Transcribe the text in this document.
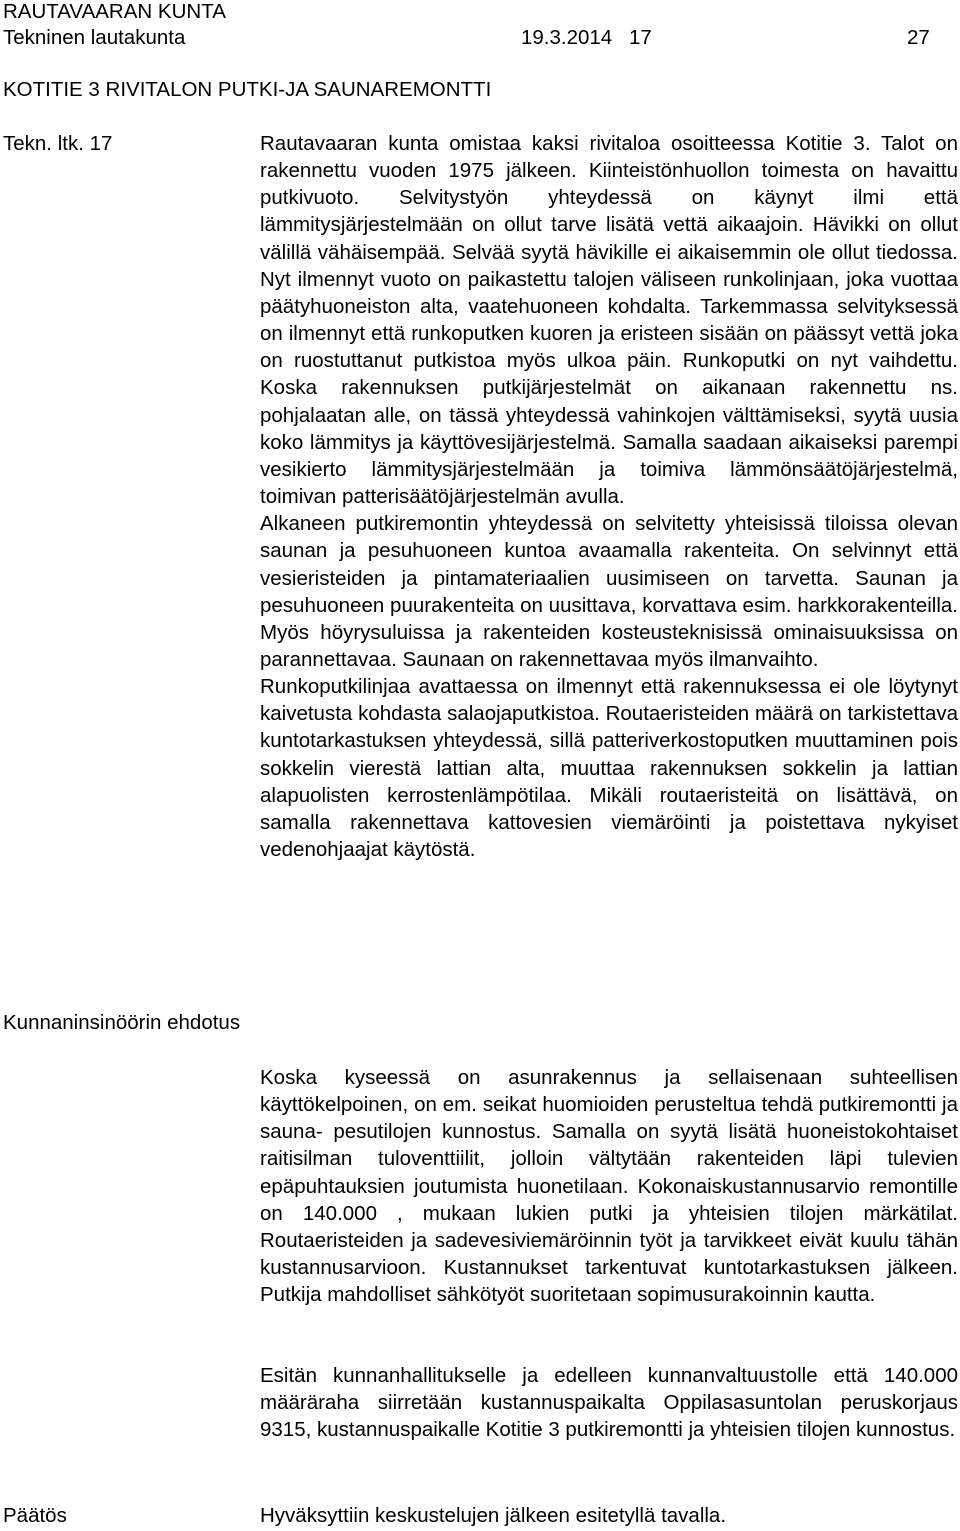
RAUTAVAARAN KUNTA
Tekninen lautakunta	19.3.2014 17	27
KOTITIE 3 RIVITALON PUTKI-JA SAUNAREMONTTI
Tekn. ltk. 17
Kunnaninsinöörin ehdotus
Päätös

Rautavaaran kunta omistaa kaksi rivitaloa osoitteessa Kotitie 3. Talot on rakennettu vuoden 1975 jälkeen. Kiinteistönhuollon toimesta on havaittu putkivuoto. Selvitystyön yhteydessä on käynyt ilmi että lämmitysjärjestelmään on ollut tarve lisätä vettä aikaajoin. Hävikki on ollut välillä vähäisempää. Selvää syytä hävikille ei aikaisemmin ole ollut tiedossa. Nyt ilmennyt vuoto on paikastettu talojen väliseen runkolinjaan, joka vuottaa päätyhuoneiston alta, vaatehuoneen kohdalta. Tarkemmassa selvityksessä on ilmennyt että runkoputken kuoren ja eristeen sisään on päässyt vettä joka on ruostuttanut putkistoa myös ulkoa päin. Runkoputki on nyt vaihdettu. Koska rakennuksen putkijärjestelmät on aikanaan rakennettu ns. pohjalaatan alle, on tässä yhteydessä vahinkojen välttämiseksi, syytä uusia koko lämmitys ja käyttövesijärjestelmä. Samalla saadaan aikaiseksi parempi vesikierto lämmitysjärjestelmään ja toimiva lämmönsäätöjärjestelmä, toimivan patterisäätöjärjestelmän avulla.

Alkaneen putkiremontin yhteydessä on selvitetty yhteisissä tiloissa olevan saunan ja pesuhuoneen kuntoa avaamalla rakenteita. On selvinnyt että vesieristeiden ja pintamateriaalien uusimiseen on tarvetta. Saunan ja pesuhuoneen puurakenteita on uusittava, korvattava esim. harkkorakenteilla. Myös höyrysuluissa ja rakenteiden kosteusteknisissä ominaisuuksissa on parannettavaa. Saunaan on rakennettavaa myös ilmanvaihto.

Runkoputkilinjaa avattaessa on ilmennyt että rakennuksessa ei ole löytynyt kaivetusta kohdasta salaojaputkistoa. Routaeristeiden määrä on tarkistettava kuntotarkastuksen yhteydessä, sillä patteriverkostoputken muuttaminen pois sokkelin vierestä lattian alta, muuttaa rakennuksen sokkelin ja lattian alapuolisten kerrostenlämpötilaa. Mikäli routaeristeitä on lisättävä, on samalla rakennettava kattovesien viemäröinti ja poistettava nykyiset vedenohjaajat käytöstä.

Koska kyseessä on asunrakennus ja sellaisenaan suhteellisen käyttökelpoinen, on em. seikat huomioiden perusteltua tehdä putkiremontti ja sauna- pesutilojen kunnostus. Samalla on syytä lisätä huoneistokohtaiset raitisilman tuloventtiilit, jolloin vältytään rakenteiden läpi tulevien epäpuhtauksien joutumista huonetilaan. Kokonaiskustannusarvio remontille on 140.000 , mukaan lukien putki ja yhteisien tilojen märkätilat. Routaeristeiden ja sadevesiviemäröinnin työt ja tarvikkeet eivät kuulu tähän kustannusarvioon. Kustannukset tarkentuvat kuntotarkastuksen jälkeen. Putkija mahdolliset sähkötyöt suoritetaan sopimusurakoinnin kautta.

Esitän kunnanhallitukselle ja edelleen kunnanvaltuustolle että 140.000 määräraha siirretään kustannuspaikalta Oppilasasuntolan peruskorjaus 9315, kustannuspaikalle Kotitie 3 putkiremontti ja yhteisien tilojen kunnostus.

Hyväksyttiin keskustelujen jälkeen esitetyllä tavalla.
